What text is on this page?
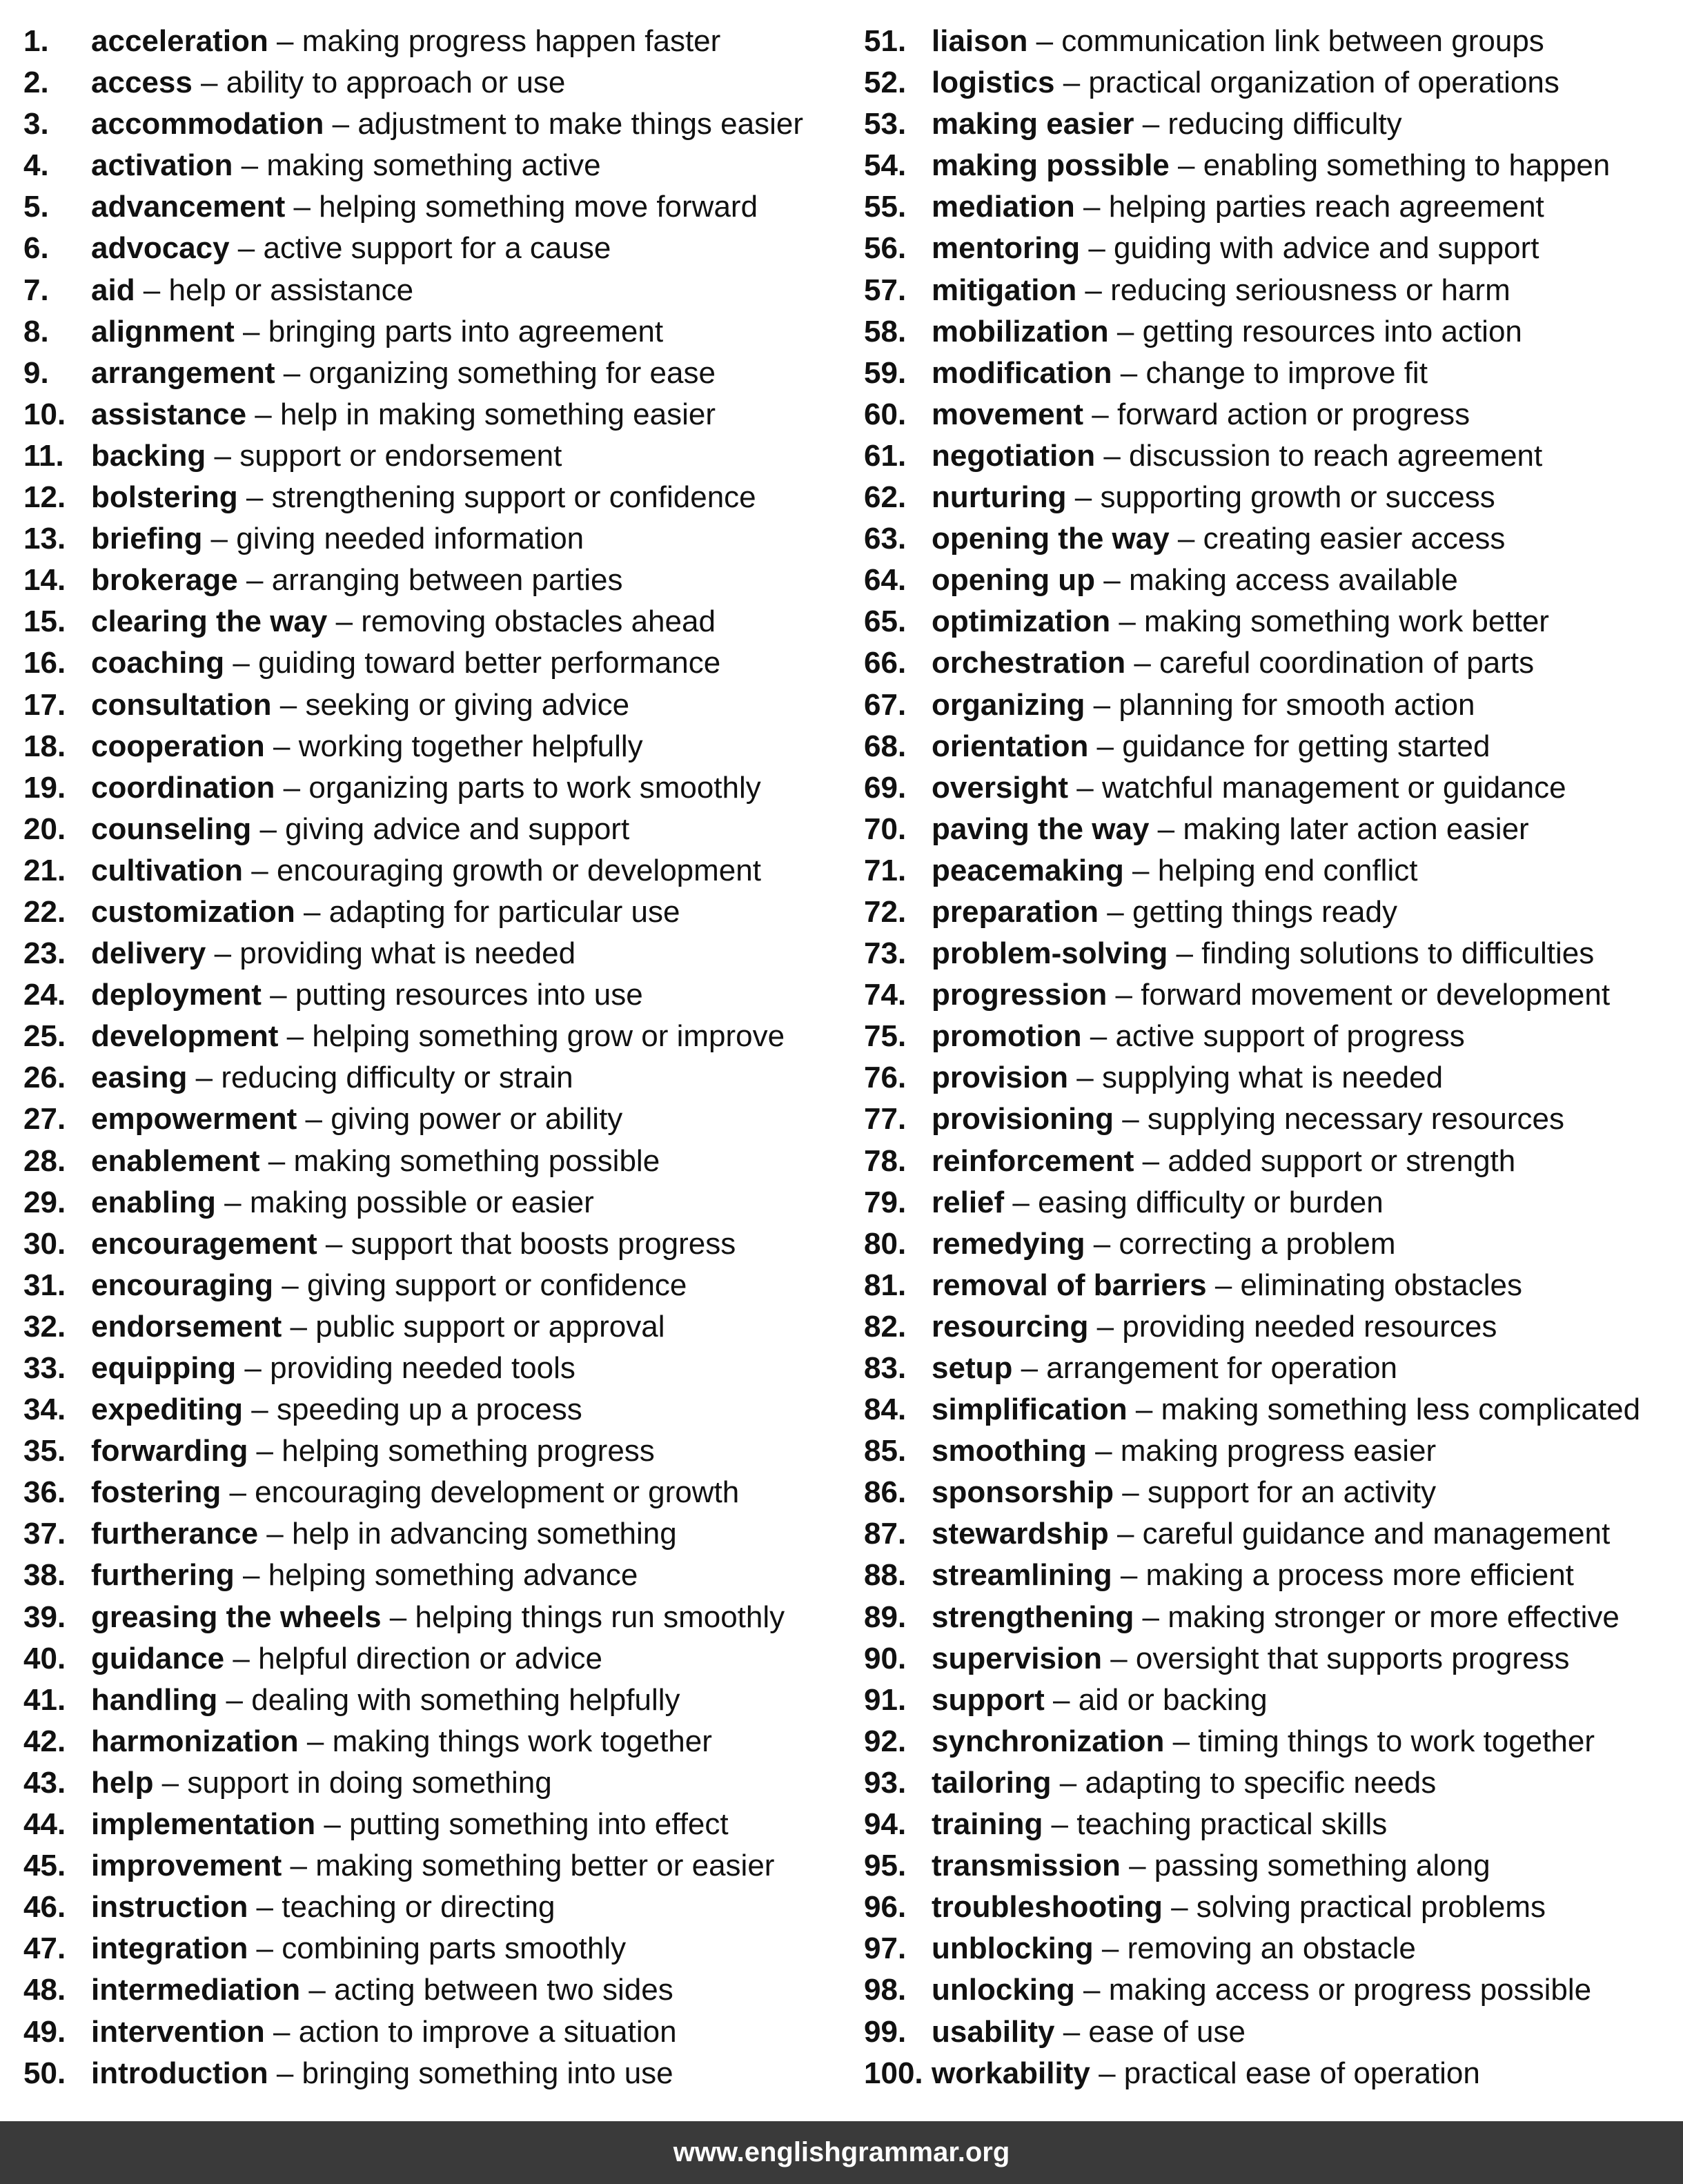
1.	acceleration – making progress happen faster
2.	access – ability to approach or use
3.	accommodation – adjustment to make things easier
4.	activation – making something active
5.	advancement – helping something move forward
6.	advocacy – active support for a cause
7.	aid – help or assistance
8.	alignment – bringing parts into agreement
9.	arrangement – organizing something for ease
10. assistance – help in making something easier
11. backing – support or endorsement
12. bolstering – strengthening support or confidence
13. briefing – giving needed information
14. brokerage – arranging between parties
15. clearing the way – removing obstacles ahead
16. coaching – guiding toward better performance
17. consultation – seeking or giving advice
18. cooperation – working together helpfully
19. coordination – organizing parts to work smoothly
20. counseling – giving advice and support
21. cultivation – encouraging growth or development
22. customization – adapting for particular use
23. delivery – providing what is needed
24. deployment – putting resources into use
25. development – helping something grow or improve
26. easing – reducing difficulty or strain
27. empowerment – giving power or ability
28. enablement – making something possible
29. enabling – making possible or easier
30. encouragement – support that boosts progress
31. encouraging – giving support or confidence
32. endorsement – public support or approval
33. equipping – providing needed tools
34. expediting – speeding up a process
35. forwarding – helping something progress
36. fostering – encouraging development or growth
37. furtherance – help in advancing something
38. furthering – helping something advance
39. greasing the wheels – helping things run smoothly
40. guidance – helpful direction or advice
41. handling – dealing with something helpfully
42. harmonization – making things work together
43. help – support in doing something
44. implementation – putting something into effect
45. improvement – making something better or easier
46. instruction – teaching or directing
47. integration – combining parts smoothly
48. intermediation – acting between two sides
49. intervention – action to improve a situation
50. introduction – bringing something into use
51. liaison – communication link between groups
52. logistics – practical organization of operations
53. making easier – reducing difficulty
54. making possible – enabling something to happen
55. mediation – helping parties reach agreement
56. mentoring – guiding with advice and support
57. mitigation – reducing seriousness or harm
58. mobilization – getting resources into action
59. modification – change to improve fit
60. movement – forward action or progress
61. negotiation – discussion to reach agreement
62. nurturing – supporting growth or success
63. opening the way – creating easier access
64. opening up – making access available
65. optimization – making something work better
66. orchestration – careful coordination of parts
67. organizing – planning for smooth action
68. orientation – guidance for getting started
69. oversight – watchful management or guidance
70. paving the way – making later action easier
71. peacemaking – helping end conflict
72. preparation – getting things ready
73. problem-solving – finding solutions to difficulties
74. progression – forward movement or development
75. promotion – active support of progress
76. provision – supplying what is needed
77. provisioning – supplying necessary resources
78. reinforcement – added support or strength
79. relief – easing difficulty or burden
80. remedying – correcting a problem
81. removal of barriers – eliminating obstacles
82. resourcing – providing needed resources
83. setup – arrangement for operation
84. simplification – making something less complicated
85. smoothing – making progress easier
86. sponsorship – support for an activity
87. stewardship – careful guidance and management
88. streamlining – making a process more efficient
89. strengthening – making stronger or more effective
90. supervision – oversight that supports progress
91. support – aid or backing
92. synchronization – timing things to work together
93. tailoring – adapting to specific needs
94. training – teaching practical skills
95. transmission – passing something along
96. troubleshooting – solving practical problems
97. unblocking – removing an obstacle
98. unlocking – making access or progress possible
99. usability – ease of use
100. workability – practical ease of operation
www.englishgrammar.org
